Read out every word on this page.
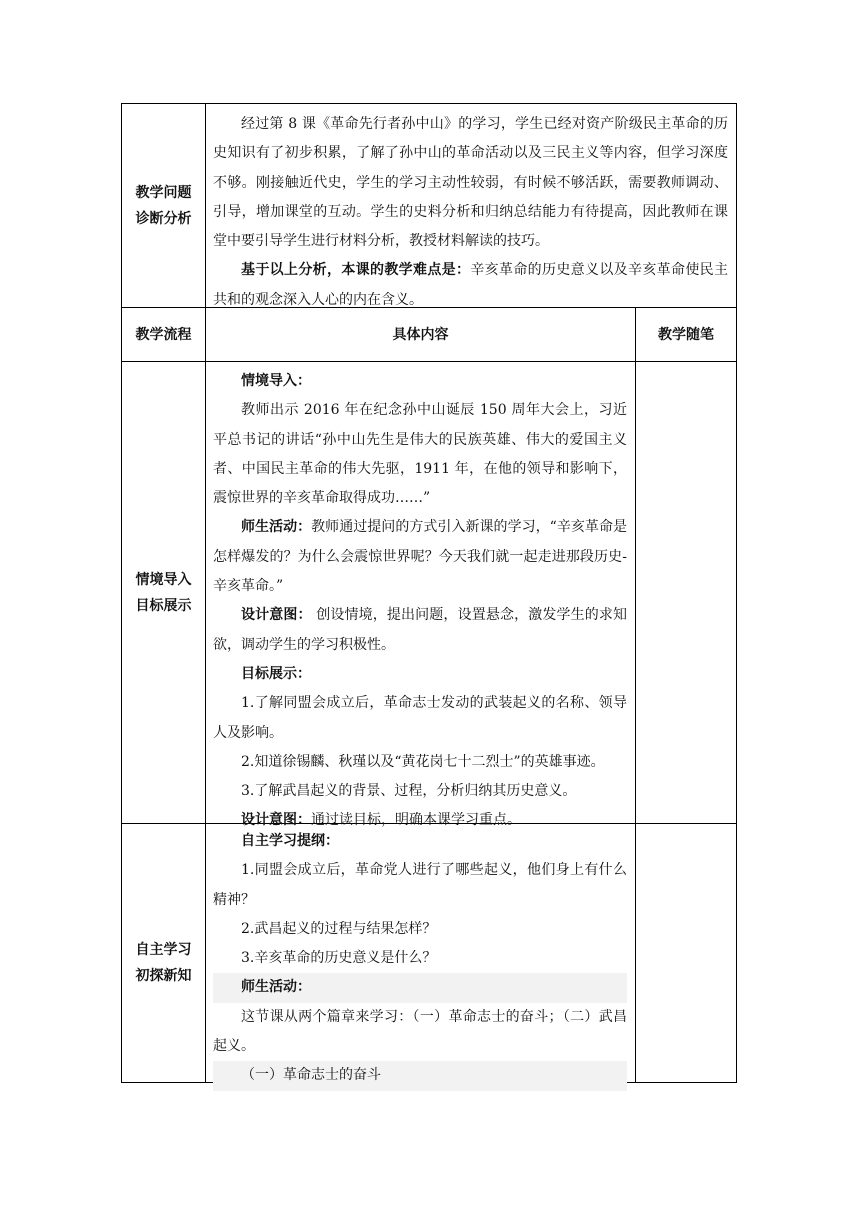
教学问题
诊断分析

经过第 8 课《革命先行者孙中山》的学习，学生已经对资产阶级民主革命的历史知识有了初步积累，了解了孙中山的革命活动以及三民主义等内容，但学习深度不够。刚接触近代史，学生的学习主动性较弱，有时候不够活跃，需要教师调动、引导，增加课堂的互动。学生的史料分析和归纳总结能力有待提高，因此教师在课堂中要引导学生进行材料分析，教授材料解读的技巧。

基于以上分析，本课的教学难点是：辛亥革命的历史意义以及辛亥革命使民主共和的观念深入人心的内在含义。

教学流程	具体内容	教学随笔
情境导入
目标展示

情境导入：

教师出示 2016 年在纪念孙中山诞辰 150 周年大会上，习近平总书记的讲话“孙中山先生是伟大的民族英雄、伟大的爱国主义者、中国民主革命的伟大先驱，1911 年，在他的领导和影响下，震惊世界的辛亥革命取得成功……”

师生活动：教师通过提问的方式引入新课的学习，“辛亥革命是怎样爆发的？为什么会震惊世界呢？今天我们就一起走进那段历史-辛亥革命。”

设计意图： 创设情境，提出问题，设置悬念，激发学生的求知欲，调动学生的学习积极性。

目标展示：

1.了解同盟会成立后，革命志士发动的武装起义的名称、领导人及影响。

2.知道徐锡麟、秋瑾以及“黄花岗七十二烈士”的英雄事迹。

3.了解武昌起义的背景、过程，分析归纳其历史意义。

设计意图：通过读目标，明确本课学习重点。

自主学习
初探新知

自主学习提纲：

1.同盟会成立后，革命党人进行了哪些起义，他们身上有什么精神？

2.武昌起义的过程与结果怎样？

3.辛亥革命的历史意义是什么？

师生活动：

这节课从两个篇章来学习：（一）革命志士的奋斗；（二）武昌起义。

（一）革命志士的奋斗
